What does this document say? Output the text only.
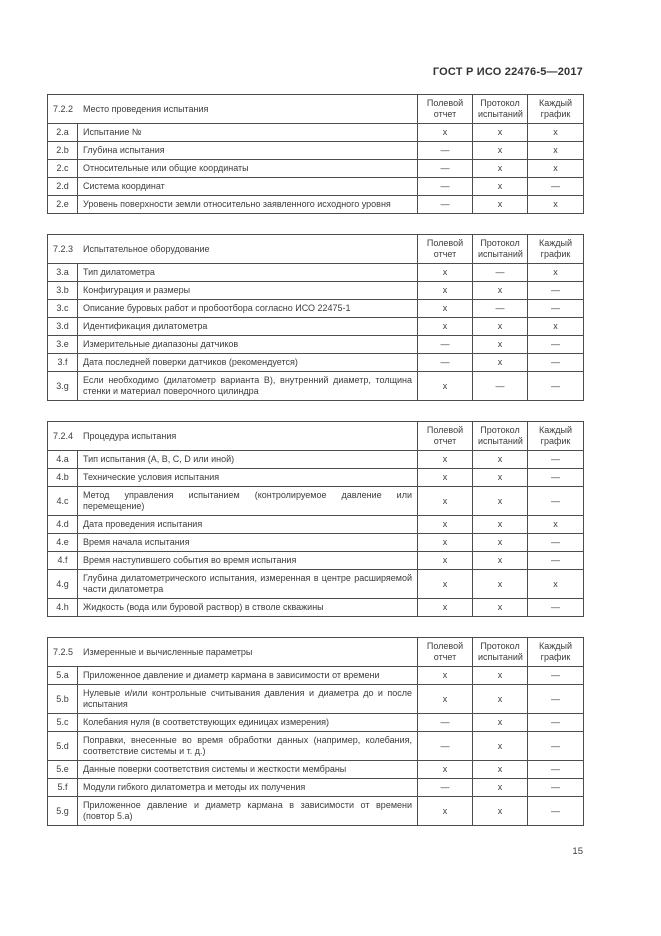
ГОСТ Р ИСО 22476-5—2017
7.2.2 Место проведения испытания		Полевой отчет	Протокол испытаний	Каждый график
2.a	Испытание №	x	x	x
2.b	Глубина испытания	—	x	x
2.c	Относительные или общие координаты	—	x	x
2.d	Система координат	—	x	—
2.e	Уровень поверхности земли относительно заявленного исходного уровня	—	x	x
7.2.3 Испытательное оборудование		Полевой отчет	Протокол испытаний	Каждый график
3.a	Тип дилатометра	x	—	x
3.b	Конфигурация и размеры	x	x	—
3.c	Описание буровых работ и пробоотбора согласно ИСО 22475-1	x	—	—
3.d	Идентификация дилатометра	x	x	x
3.e	Измерительные диапазоны датчиков	—	x	—
3.f	Дата последней поверки датчиков (рекомендуется)	—	x	—
3.g	Если необходимо (дилатометр варианта В), внутренний диаметр, толщина стенки и материал поверочного цилиндра	x	—	—
7.2.4 Процедура испытания		Полевой отчет	Протокол испытаний	Каждый график
4.a	Тип испытания (А, В, С, D или иной)	x	x	—
4.b	Технические условия испытания	x	x	—
4.c	Метод управления испытанием (контролируемое давление или перемещение)	x	x	—
4.d	Дата проведения испытания	x	x	x
4.e	Время начала испытания	x	x	—
4.f	Время наступившего события во время испытания	x	x	—
4.g	Глубина дилатометрического испытания, измеренная в центре расширяемой части дилатометра	x	x	x
4.h	Жидкость (вода или буровой раствор) в стволе скважины	x	x	—
7.2.5 Измеренные и вычисленные параметры		Полевой отчет	Протокол испытаний	Каждый график
5.a	Приложенное давление и диаметр кармана в зависимости от времени	x	x	—
5.b	Нулевые и/или контрольные считывания давления и диаметра до и после испытания	x	x	—
5.c	Колебания нуля (в соответствующих единицах измерения)	—	x	—
5.d	Поправки, внесенные во время обработки данных (например, колебания, соответствие системы и т. д.)	—	x	—
5.e	Данные поверки соответствия системы и жесткости мембраны	x	x	—
5.f	Модули гибкого дилатометра и методы их получения	—	x	—
5.g	Приложенное давление и диаметр кармана в зависимости от времени (повтор 5.а)	x	x	—
15
